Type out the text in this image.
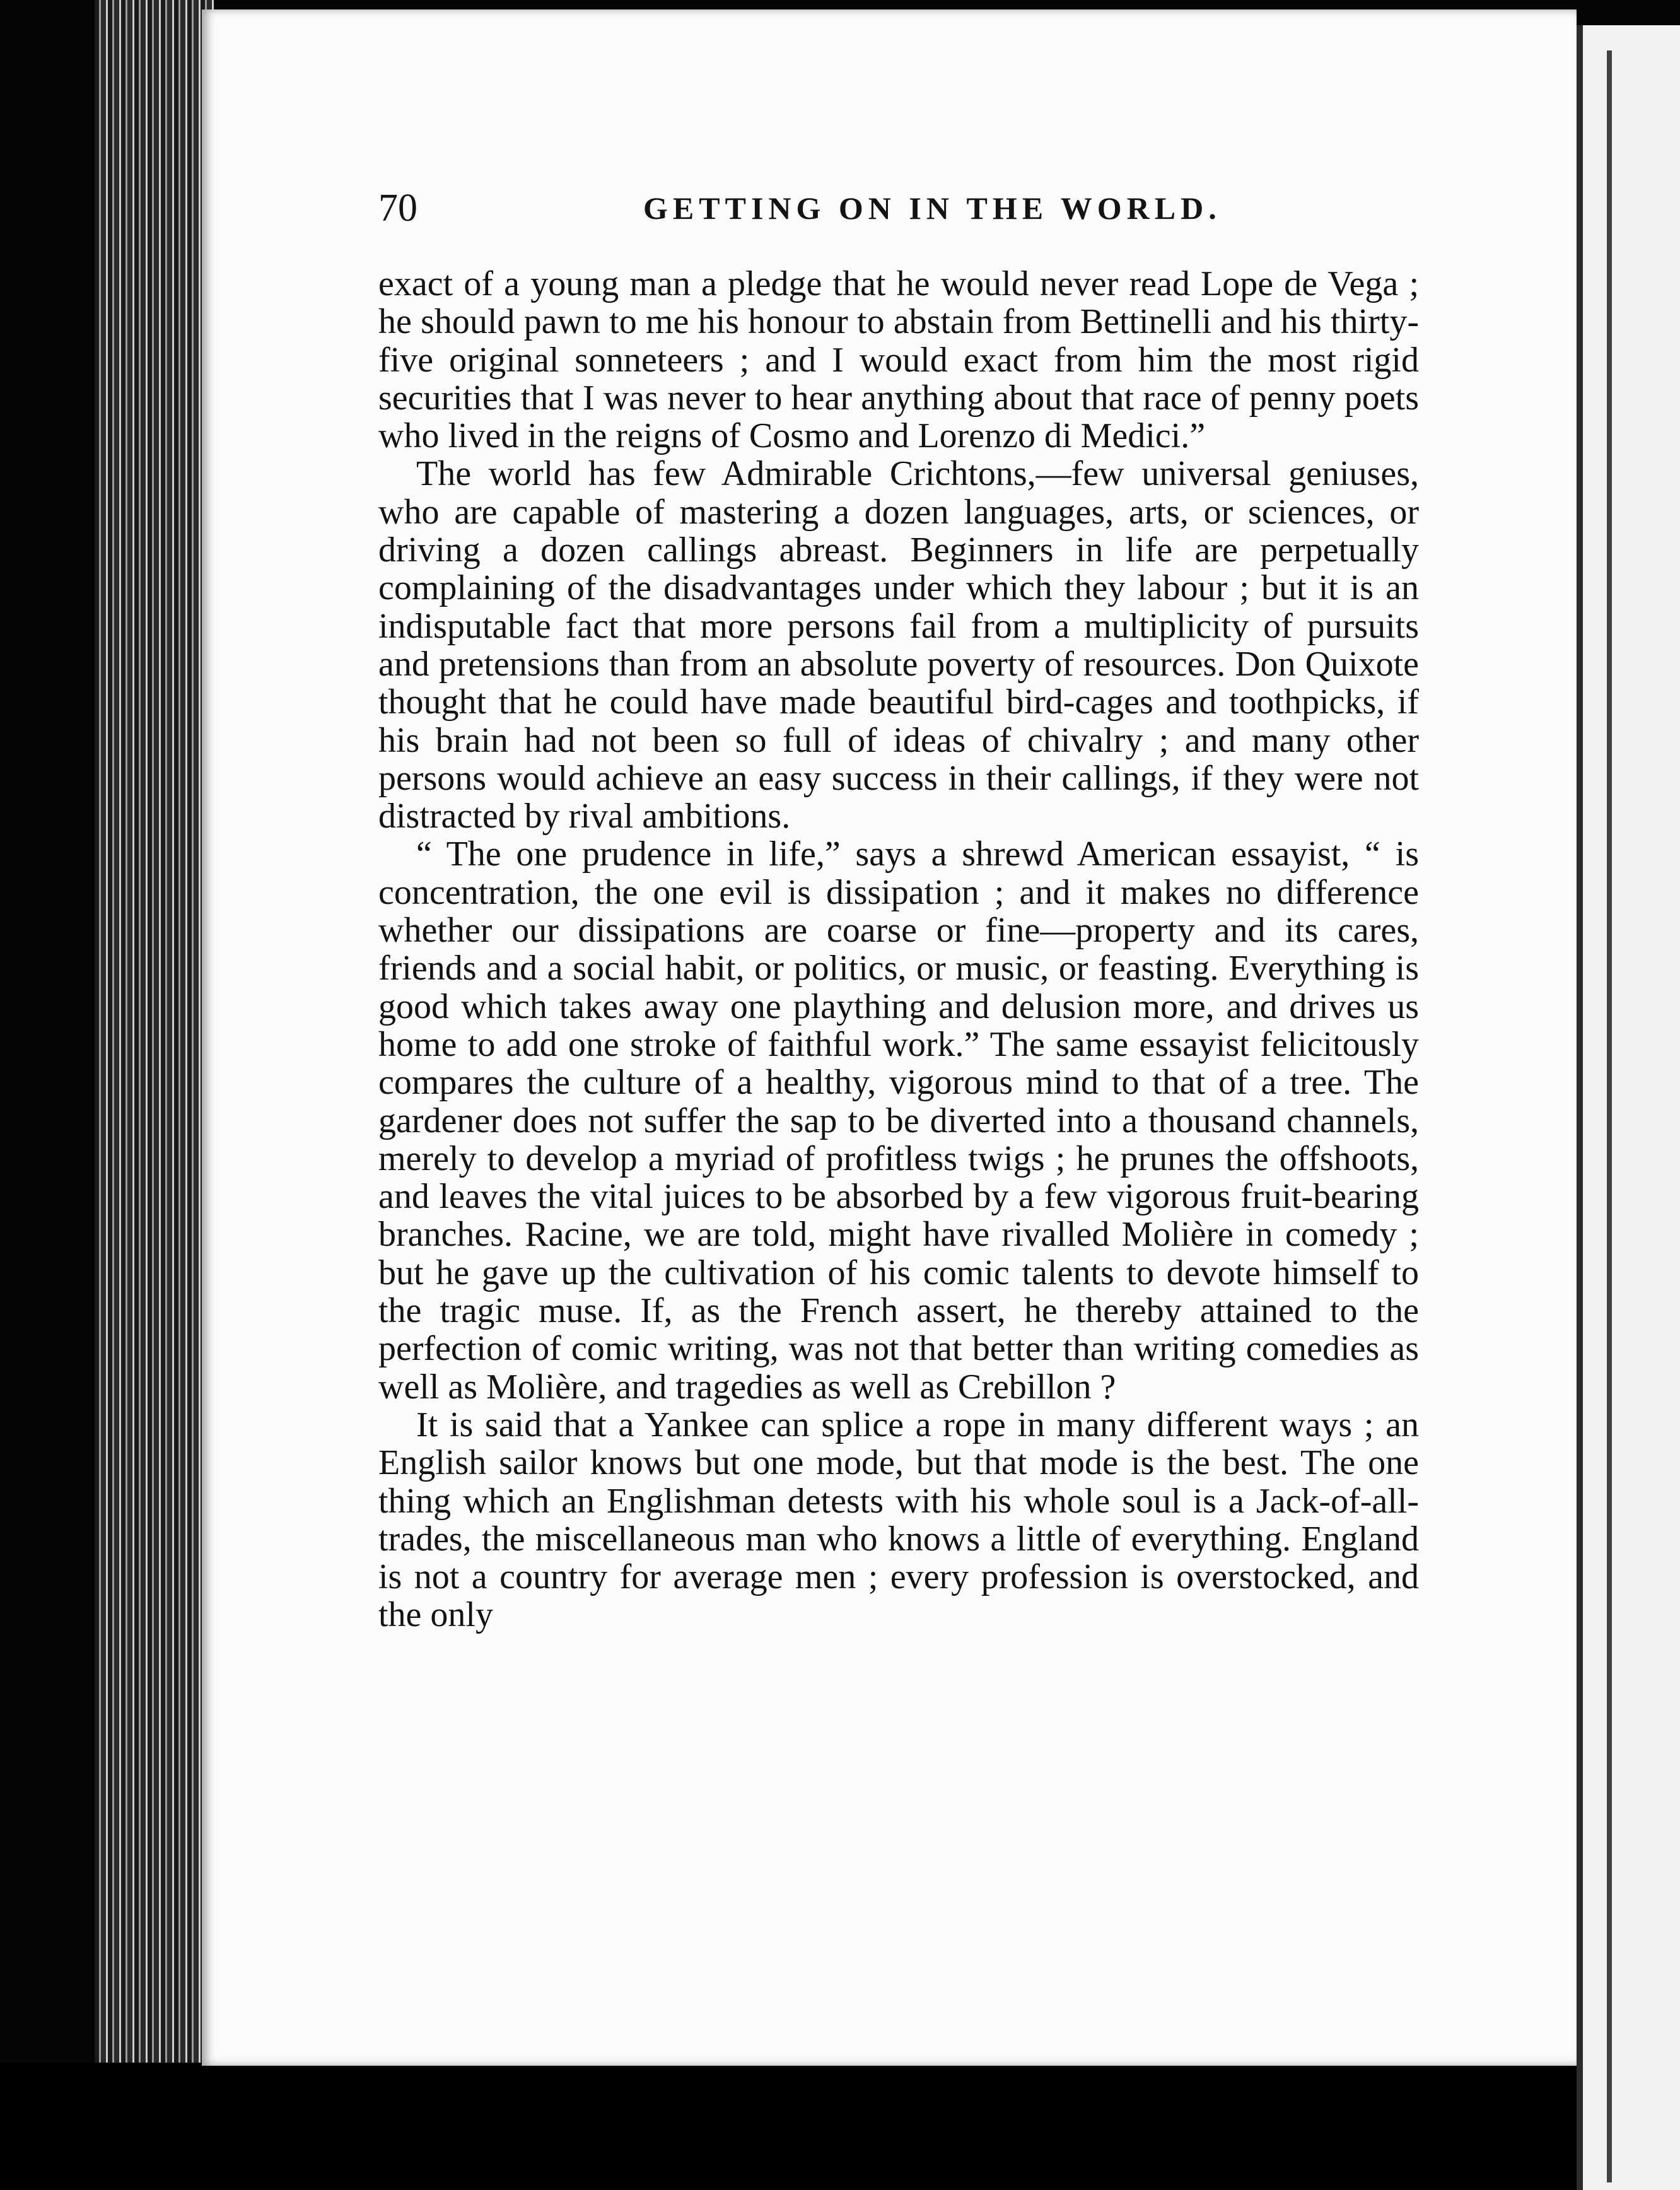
70	GETTING ON IN THE WORLD.

exact of a young man a pledge that he would never read Lope de Vega ; he should pawn to me his honour to abstain from Bettinelli and his thirty-five original sonneteers ; and I would exact from him the most rigid securities that I was never to hear anything about that race of penny poets who lived in the reigns of Cosmo and Lorenzo di Medici.”

The world has few Admirable Crichtons,—few universal geniuses, who are capable of mastering a dozen languages, arts, or sciences, or driving a dozen callings abreast. Beginners in life are perpetually complaining of the disadvantages under which they labour ; but it is an indisputable fact that more persons fail from a multiplicity of pursuits and pretensions than from an absolute poverty of resources. Don Quixote thought that he could have made beautiful bird-cages and toothpicks, if his brain had not been so full of ideas of chivalry ; and many other persons would achieve an easy success in their callings, if they were not distracted by rival ambitions.

“ The one prudence in life,” says a shrewd American essayist, “ is concentration, the one evil is dissipation ; and it makes no difference whether our dissipations are coarse or fine—property and its cares, friends and a social habit, or politics, or music, or feasting. Everything is good which takes away one plaything and delusion more, and drives us home to add one stroke of faithful work.” The same essayist felicitously compares the culture of a healthy, vigorous mind to that of a tree. The gardener does not suffer the sap to be diverted into a thousand channels, merely to develop a myriad of profitless twigs ; he prunes the offshoots, and leaves the vital juices to be absorbed by a few vigorous fruit-bearing branches. Racine, we are told, might have rivalled Molière in comedy ; but he gave up the cultivation of his comic talents to devote himself to the tragic muse. If, as the French assert, he thereby attained to the perfection of comic writing, was not that better than writing comedies as well as Molière, and tragedies as well as Crebillon ?

It is said that a Yankee can splice a rope in many different ways ; an English sailor knows but one mode, but that mode is the best. The one thing which an Englishman detests with his whole soul is a Jack-of-all-trades, the miscellaneous man who knows a little of everything. England is not a country for average men ; every profession is overstocked, and the only
